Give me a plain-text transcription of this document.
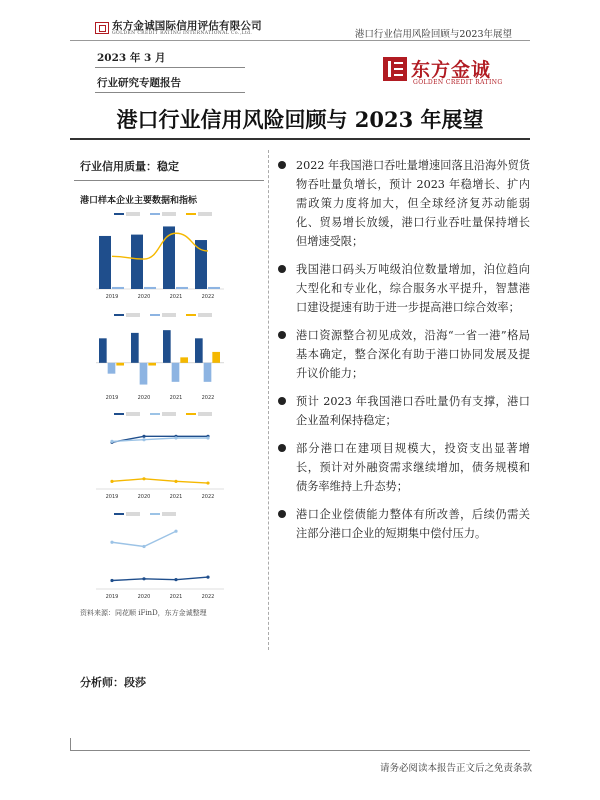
东方金诚国际信用评估有限公司
GOLDEN CREDIT RATING INTERNATIONAL Co.,Ltd.	港口行业信用风险回顾与2023年展望
2023 年 3 月
行业研究专题报告
东方金诚
GOLDEN CREDIT RATING
港口行业信用风险回顾与 2023 年展望
行业信用质量：稳定
港口样本企业主要数据和指标
2019	2020	2021	2022
2019	2020	2021	2022
2019	2020	2021	2022
2019	2020	2021	2022
资料来源：同花顺 iFinD，东方金诚整理
分析师：段莎
2022 年我国港口吞吐量增速回落且沿海外贸货物吞吐量负增长，预计 2023 年稳增长、扩内需政策力度将加大，但全球经济复苏动能弱化、贸易增长放缓，港口行业吞吐量保持增长但增速受限；
我国港口码头万吨级泊位数量增加，泊位趋向大型化和专业化，综合服务水平提升，智慧港口建设提速有助于进一步提高港口综合效率；
港口资源整合初见成效，沿海“一省一港”格局基本确定，整合深化有助于港口协同发展及提升议价能力；
预计 2023 年我国港口吞吐量仍有支撑，港口企业盈利保持稳定；
部分港口在建项目规模大，投资支出显著增长，预计对外融资需求继续增加，债务规模和债务率维持上升态势；
港口企业偿债能力整体有所改善，后续仍需关注部分港口企业的短期集中偿付压力。
请务必阅读本报告正文后之免责条款
